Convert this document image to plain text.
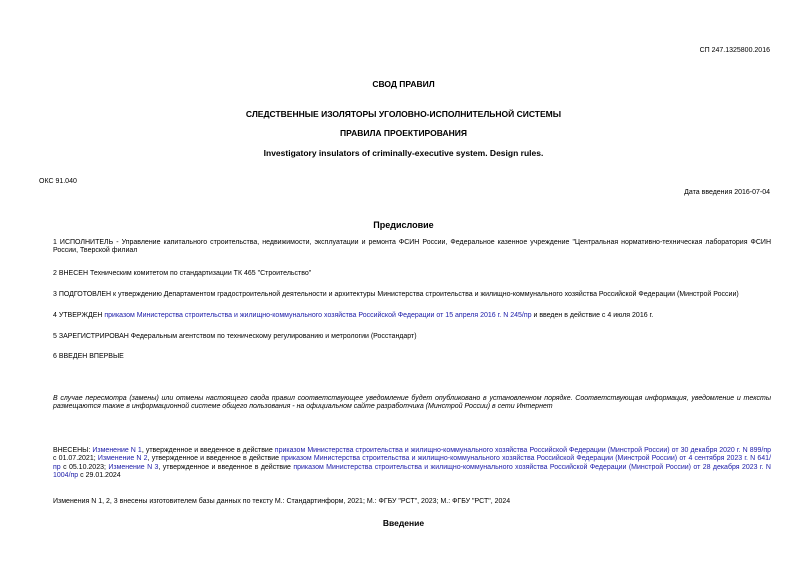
СП 247.1325800.2016
СВОД ПРАВИЛ
СЛЕДСТВЕННЫЕ ИЗОЛЯТОРЫ УГОЛОВНО-ИСПОЛНИТЕЛЬНОЙ СИСТЕМЫ
ПРАВИЛА ПРОЕКТИРОВАНИЯ
Investigatory insulators of criminally-executive system. Design rules.
ОКС 91.040
Дата введения 2016-07-04
Предисловие
1 ИСПОЛНИТЕЛЬ - Управление капитального строительства, недвижимости, эксплуатации и ремонта ФСИН России, Федеральное казенное учреждение "Центральная нормативно-техническая лаборатория ФСИН России, Тверской филиал
2 ВНЕСЕН Техническим комитетом по стандартизации ТК 465 "Строительство"
3 ПОДГОТОВЛЕН к утверждению Департаментом градостроительной деятельности и архитектуры Министерства строительства и жилищно-коммунального хозяйства Российской Федерации (Минстрой России)
4 УТВЕРЖДЕН приказом Министерства строительства и жилищно-коммунального хозяйства Российской Федерации от 15 апреля 2016 г. N 245/пр и введен в действие с 4 июля 2016 г.
5 ЗАРЕГИСТРИРОВАН Федеральным агентством по техническому регулированию и метрологии (Росстандарт)
6 ВВЕДЕН ВПЕРВЫЕ
В случае пересмотра (замены) или отмены настоящего свода правил соответствующее уведомление будет опубликовано в установленном порядке. Соответствующая информация, уведомление и тексты размещаются также в информационной системе общего пользования - на официальном сайте разработчика (Минстрой России) в сети Интернет
ВНЕСЕНЫ: Изменение N 1, утвержденное и введенное в действие приказом Министерства строительства и жилищно-коммунального хозяйства Российской Федерации (Минстрой России) от 30 декабря 2020 г. N 899/пр с 01.07.2021; Изменение N 2, утвержденное и введенное в действие приказом Министерства строительства и жилищно-коммунального хозяйства Российской Федерации (Минстрой России) от 4 сентября 2023 г. N 641/пр с 05.10.2023; Изменение N 3, утвержденное и введенное в действие приказом Министерства строительства и жилищно-коммунального хозяйства Российской Федерации (Минстрой России) от 28 декабря 2023 г. N 1004/пр с 29.01.2024
Изменения N 1, 2, 3 внесены изготовителем базы данных по тексту М.: Стандартинформ, 2021; М.: ФГБУ "РСТ", 2023; М.: ФГБУ "РСТ", 2024
Введение
